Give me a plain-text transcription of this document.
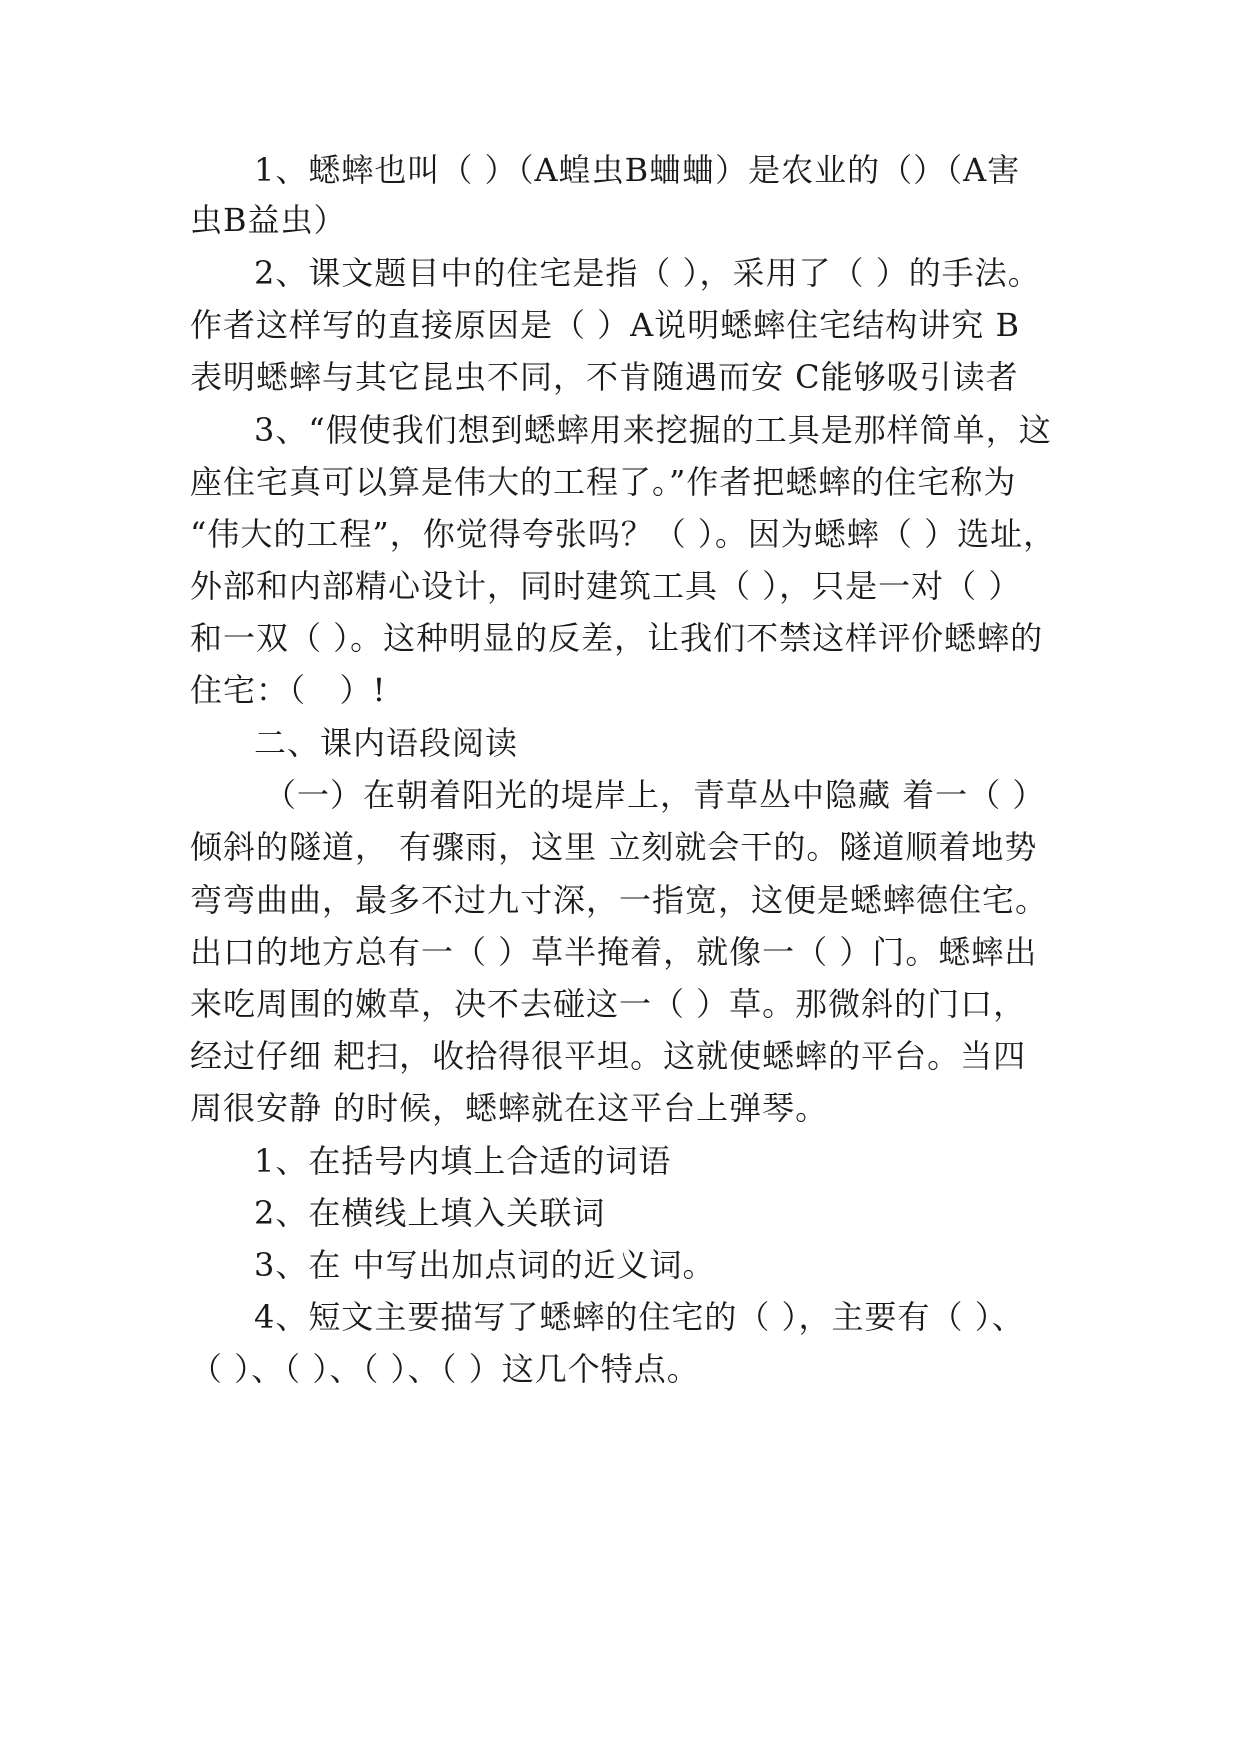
1、蟋蟀也叫（ ）（A蝗虫B蛐蛐）是农业的（）（A害
虫B益虫）
2、课文题目中的住宅是指（ ），采用了（ ）的手法。
作者这样写的直接原因是（ ）A说明蟋蟀住宅结构讲究 B
表明蟋蟀与其它昆虫不同，不肯随遇而安 C能够吸引读者
3、“假使我们想到蟋蟀用来挖掘的工具是那样简单，这
座住宅真可以算是伟大的工程了。”作者把蟋蟀的住宅称为
“伟大的工程”，你觉得夸张吗？（ ）。因为蟋蟀（ ）选址，
外部和内部精心设计，同时建筑工具（ ），只是一对（ ）
和一双（ ）。这种明显的反差，让我们不禁这样评价蟋蟀的
住宅：（   ）!
二、课内语段阅读
（一）在朝着阳光的堤岸上，青草丛中隐藏 着一（ ）
倾斜的隧道， 有骤雨，这里 立刻就会干的。隧道顺着地势
弯弯曲曲，最多不过九寸深，一指宽，这便是蟋蟀德住宅。
出口的地方总有一（ ）草半掩着，就像一（ ）门。蟋蟀出
来吃周围的嫩草，决不去碰这一（ ）草。那微斜的门口，
经过仔细 耙扫，收拾得很平坦。这就使蟋蟀的平台。当四
周很安静 的时候，蟋蟀就在这平台上弹琴。
1、在括号内填上合适的词语
2、在横线上填入关联词
3、在 中写出加点词的近义词。
4、短文主要描写了蟋蟀的住宅的（ ），主要有（ ）、
（ ）、（ ）、（ ）、（ ）这几个特点。
